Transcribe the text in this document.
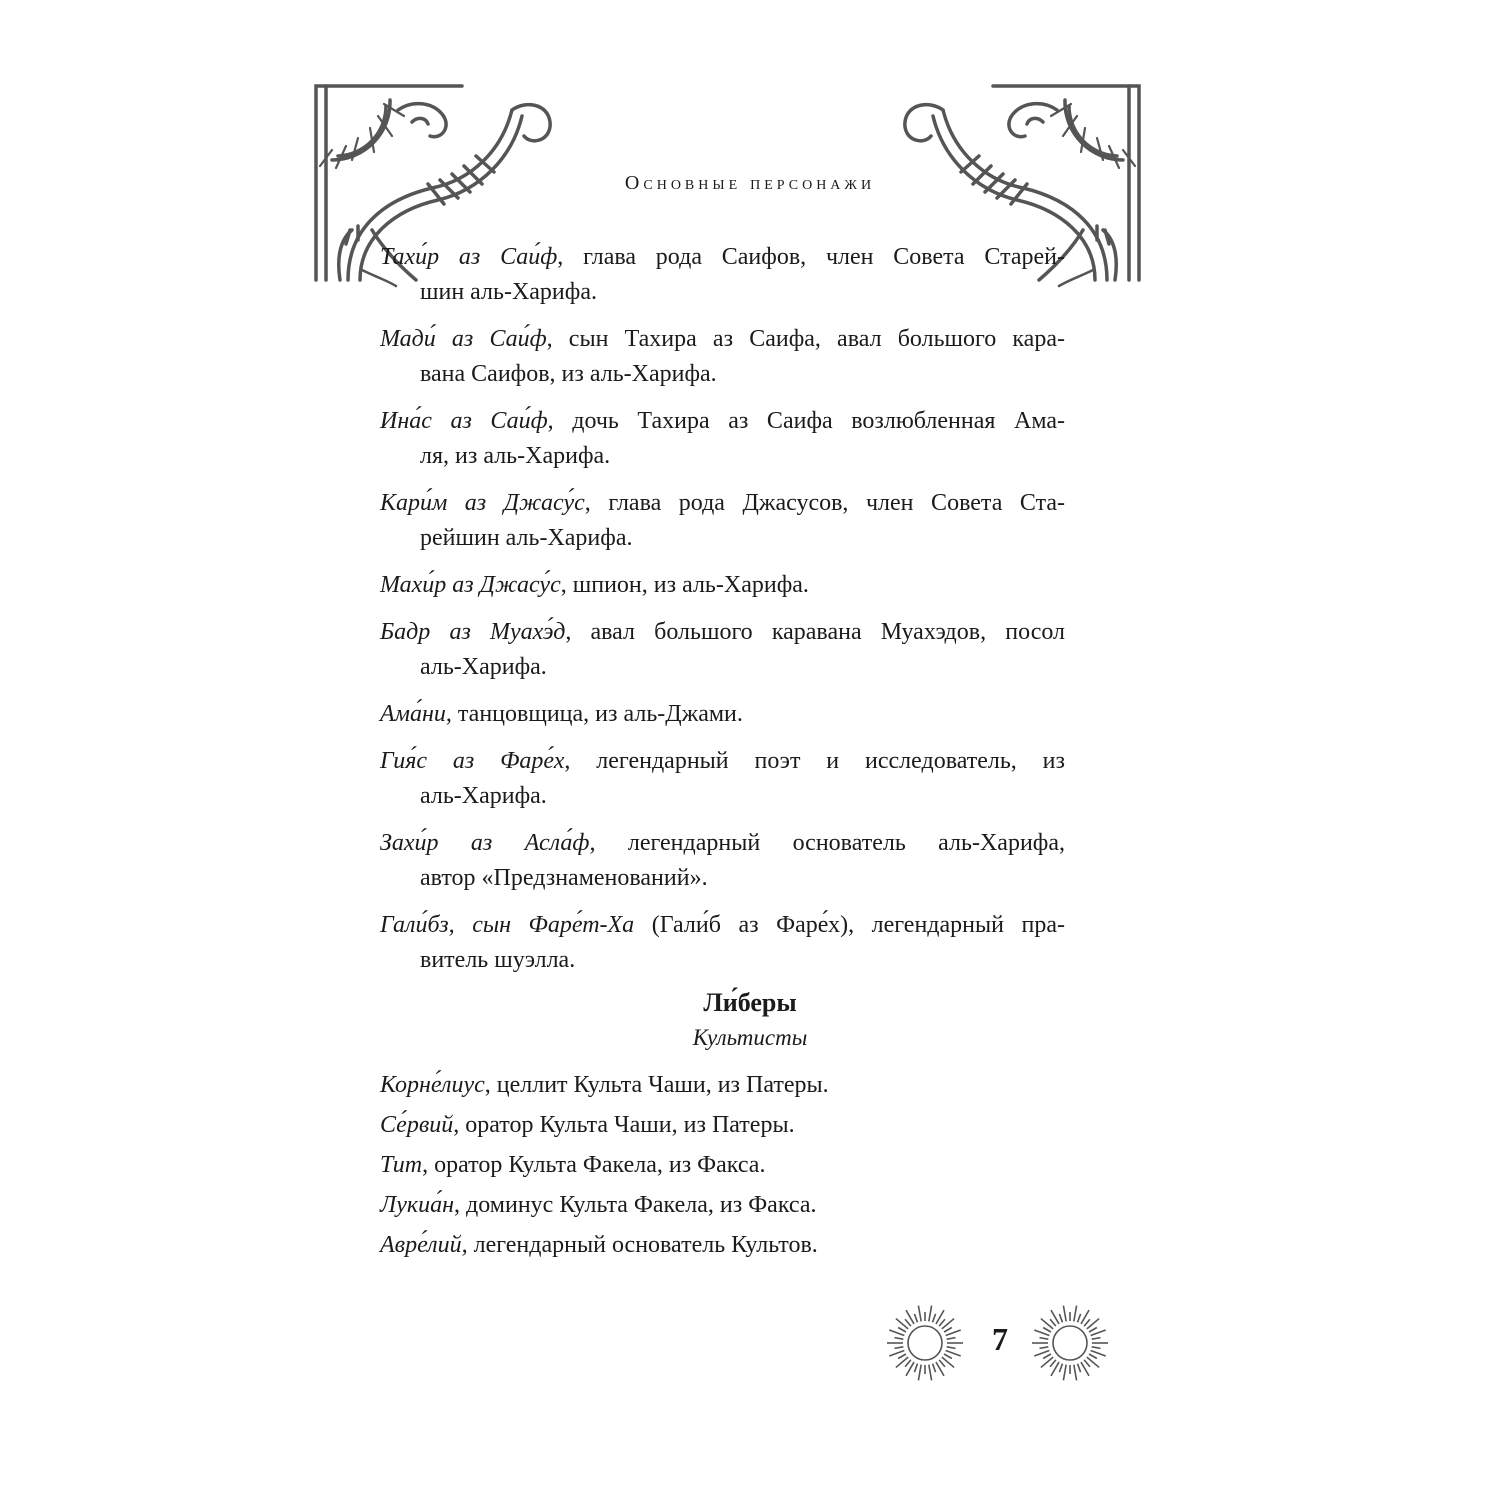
Основные персонажи
Тахи́р аз Саи́ф, глава рода Саифов, член Совета Старей-
шин аль-Харифа.
Мади́ аз Саи́ф, сын Тахира аз Саифа, авал большого кара-
вана Саифов, из аль-Харифа.
Ина́с аз Саи́ф, дочь Тахира аз Саифа возлюбленная Ама-
ля, из аль-Харифа.
Кари́м аз Джасу́с, глава рода Джасусов, член Совета Ста-
рейшин аль-Харифа.
Махи́р аз Джасу́с, шпион, из аль-Харифа.
Бадр аз Муахэ́д, авал большого каравана Муахэдов, посол
аль-Харифа.
Ама́ни, танцовщица, из аль-Джами.
Гия́с аз Фаре́х, легендарный поэт и исследователь, из
аль-Харифа.
Захи́р аз Асла́ф, легендарный основатель аль-Харифа,
автор «Предзнаменований».
Гали́бз, сын Фаре́т-Ха (Гали́б аз Фаре́х), легендарный пра-
витель шуэлла.
Ли́беры
Культисты
Корне́лиус, целлит Культа Чаши, из Патеры.
Се́рвий, оратор Культа Чаши, из Патеры.
Тит, оратор Культа Факела, из Факса.
Лукиа́н, доминус Культа Факела, из Факса.
Авре́лий, легендарный основатель Культов.
7
